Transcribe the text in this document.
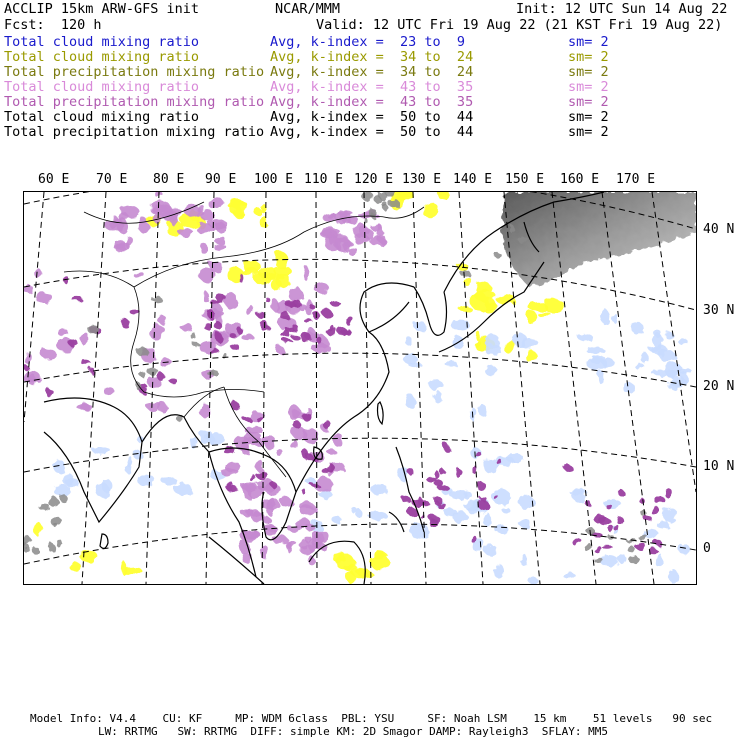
ACCLIP 15km ARW-GFS init	NCAR/MMM	Init: 12 UTC Sun 14 Aug 22
Fcst:  120 h	Valid: 12 UTC Fri 19 Aug 22 (21 KST Fri 19 Aug 22)
Total cloud mixing ratio	Avg, k-index =  23 to  9	sm= 2
Total cloud mixing ratio	Avg, k-index =  34 to  24	sm= 2
Total precipitation mixing ratio Avg, k-index =  34 to  24	sm= 2
Total cloud mixing ratio	Avg, k-index =  43 to  35	sm= 2
Total precipitation mixing ratio Avg, k-index =  43 to  35	sm= 2
Total cloud mixing ratio	Avg, k-index =  50 to  44	sm= 2
Total precipitation mixing ratio Avg, k-index =  50 to  44	sm= 2
60 E 70 E 80 E 90 E 100 E 110 E 120 E 130 E 140 E 150 E 160 E 170 E
40 N
30 N
20 N
10 N
0
Model Info: V4.4    CU: KF     MP: WDM 6class  PBL: YSU     SF: Noah LSM    15 km    51 levels   90 sec
LW: RRTMG   SW: RRTMG  DIFF: simple KM: 2D Smagor DAMP: Rayleigh3  SFLAY: MM5
